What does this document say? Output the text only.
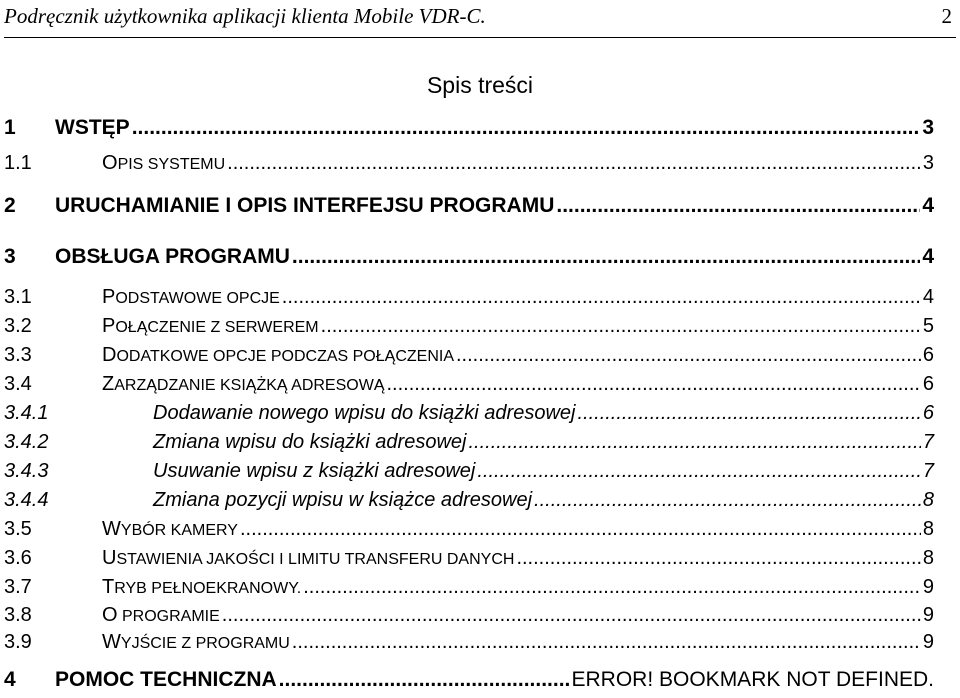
Podręcznik użytkownika aplikacji klienta Mobile VDR-C.	2
Spis treści
1 WSTĘP .....	3
1.1	OPIS SYSTEMU .....	3
2 URUCHAMIANIE I OPIS INTERFEJSU PROGRAMU .....	4
3 OBSŁUGA PROGRAMU .....	4
3.1	PODSTAWOWE OPCJE .....	4
3.2	POŁĄCZENIE Z SERWEREM .....	5
3.3	DODATKOWE OPCJE PODCZAS POŁĄCZENIA .....	6
3.4	ZARZĄDZANIE KSIĄŻKĄ ADRESOWĄ .....	6
3.4.1	Dodawanie nowego wpisu do książki adresowej .....	6
3.4.2	Zmiana wpisu do książki adresowej .....	7
3.4.3	Usuwanie wpisu z książki adresowej .....	7
3.4.4	Zmiana pozycji wpisu w książce adresowej .....	8
3.5	WYBÓR KAMERY .....	8
3.6	USTAWIENIA JAKOŚCI I LIMITU TRANSFERU DANYCH .....	8
3.7	TRYB PEŁNOEKRANOWY. .....	9
3.8	O PROGRAMIE .....	9
3.9	WYJŚCIE Z PROGRAMU .....	9
4 POMOC TECHNICZNA .....	ERROR! BOOKMARK NOT DEFINED.
